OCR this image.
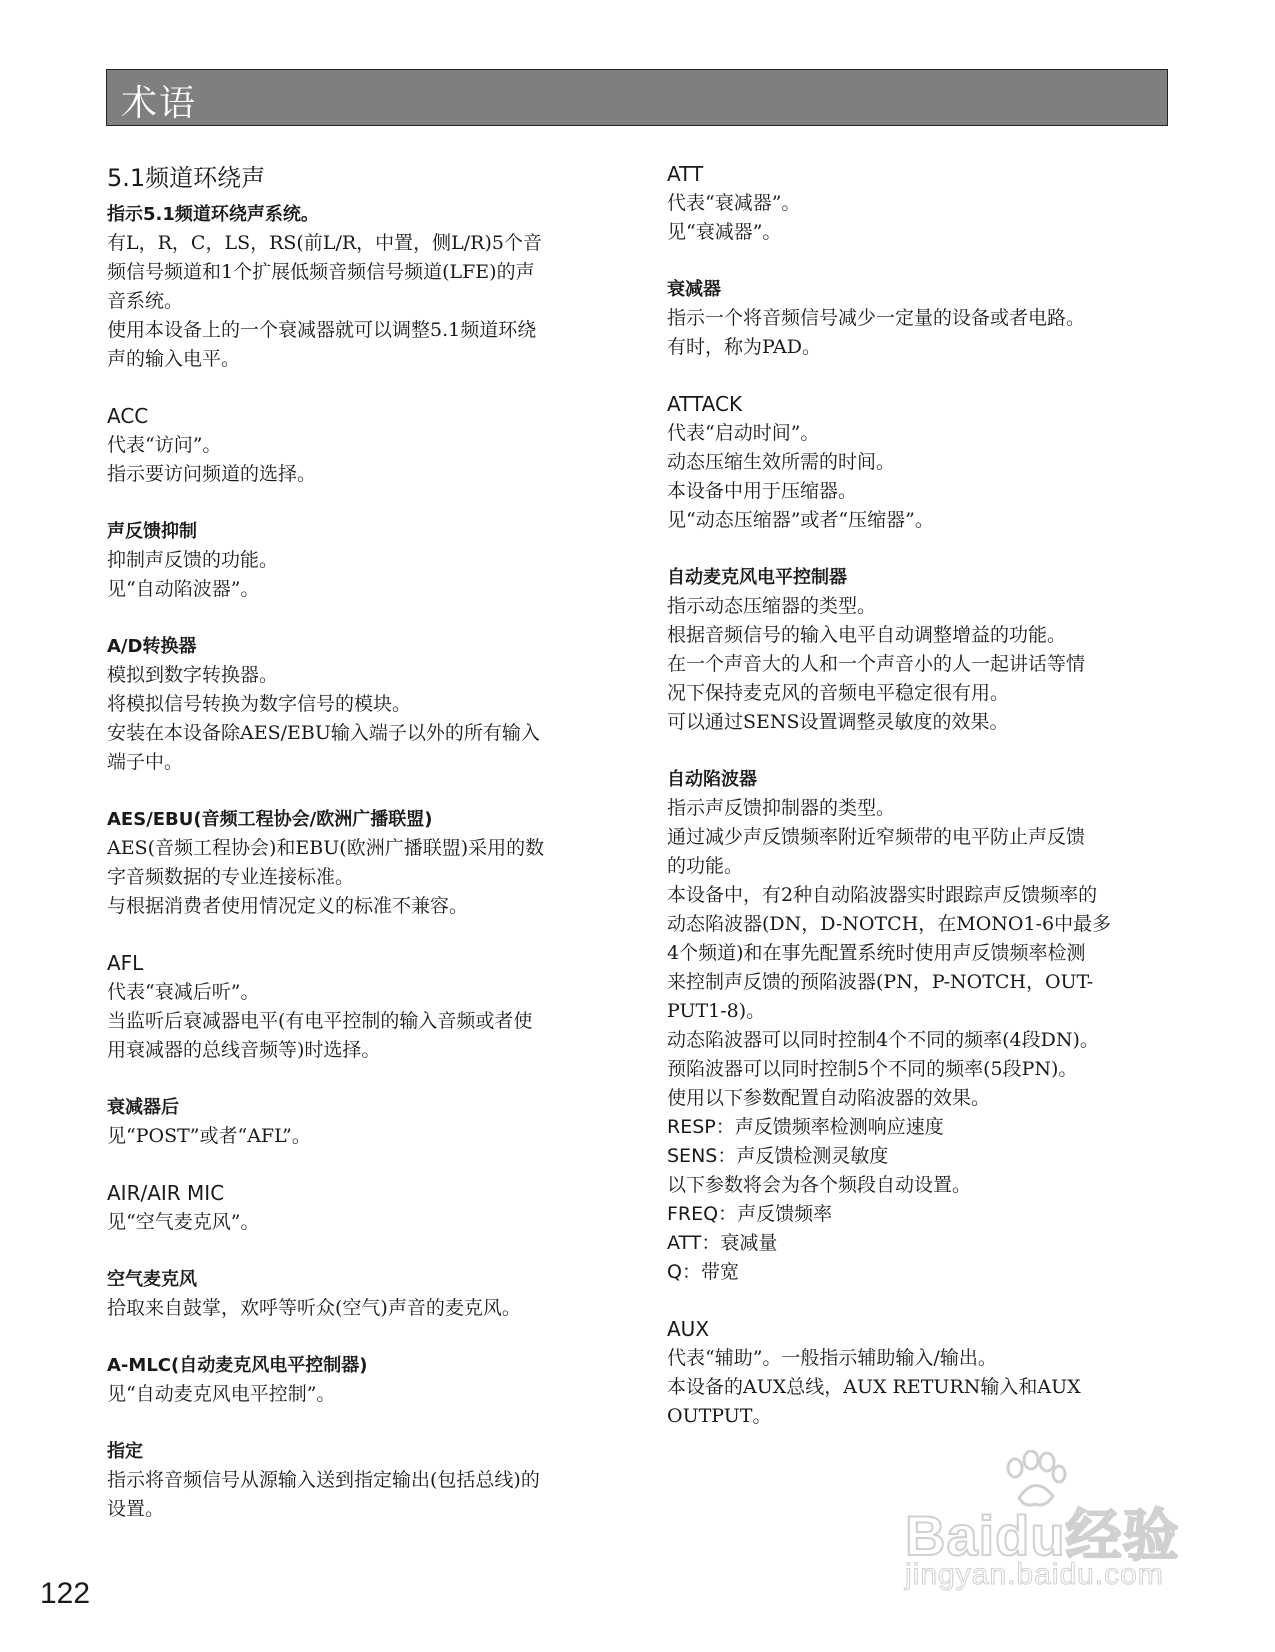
术语
5.1频道环绕声
指示5.1频道环绕声系统。
有L，R，C，LS，RS(前L/R，中置，侧L/R)5个音
频信号频道和1个扩展低频音频信号频道(LFE)的声
音系统。
使用本设备上的一个衰减器就可以调整5.1频道环绕
声的输入电平。
ACC
代表“访问”。
指示要访问频道的选择。
声反馈抑制
抑制声反馈的功能。
见“自动陷波器”。
A/D转换器
模拟到数字转换器。
将模拟信号转换为数字信号的模块。
安装在本设备除AES/EBU输入端子以外的所有输入
端子中。
AES/EBU(音频工程协会/欧洲广播联盟)
AES(音频工程协会)和EBU(欧洲广播联盟)采用的数
字音频数据的专业连接标准。
与根据消费者使用情况定义的标准不兼容。
AFL
代表“衰减后听”。
当监听后衰减器电平(有电平控制的输入音频或者使
用衰减器的总线音频等)时选择。
衰减器后
见“POST”或者“AFL”。
AIR/AIR MIC
见“空气麦克风”。
空气麦克风
拾取来自鼓掌，欢呼等听众(空气)声音的麦克风。
A-MLC(自动麦克风电平控制器)
见“自动麦克风电平控制”。
指定
指示将音频信号从源输入送到指定输出(包括总线)的
设置。
ATT
代表“衰减器”。
见“衰减器”。
衰减器
指示一个将音频信号减少一定量的设备或者电路。
有时，称为PAD。
ATTACK
代表“启动时间”。
动态压缩生效所需的时间。
本设备中用于压缩器。
见“动态压缩器”或者“压缩器”。
自动麦克风电平控制器
指示动态压缩器的类型。
根据音频信号的输入电平自动调整增益的功能。
在一个声音大的人和一个声音小的人一起讲话等情
况下保持麦克风的音频电平稳定很有用。
可以通过SENS设置调整灵敏度的效果。
自动陷波器
指示声反馈抑制器的类型。
通过减少声反馈频率附近窄频带的电平防止声反馈
的功能。
本设备中，有2种自动陷波器实时跟踪声反馈频率的
动态陷波器(DN，D-NOTCH，在MONO1-6中最多
4个频道)和在事先配置系统时使用声反馈频率检测
来控制声反馈的预陷波器(PN，P-NOTCH，OUT-
PUT1-8)。
动态陷波器可以同时控制4个不同的频率(4段DN)。
预陷波器可以同时控制5个不同的频率(5段PN)。
使用以下参数配置自动陷波器的效果。
RESP：声反馈频率检测响应速度
SENS：声反馈检测灵敏度
以下参数将会为各个频段自动设置。
FREQ：声反馈频率
ATT：衰减量
Q：带宽
AUX
代表“辅助”。一般指示辅助输入/输出。
本设备的AUX总线，AUX RETURN输入和AUX
OUTPUT。
122
Baidu经验
jingyan.baidu.com
